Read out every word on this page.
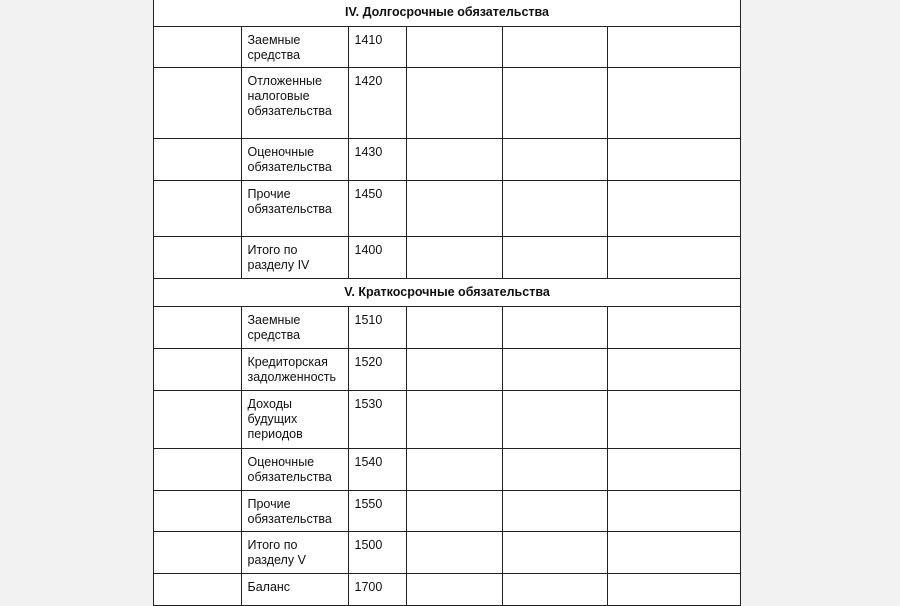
IV. Долгосрочные обязательства					
	Заемные средства	1410			
	Отложенные налоговые обязательства	1420			
	Оценочные обязательства	1430			
	Прочие обязательства	1450			
	Итого по разделу IV	1400			
V. Краткосрочные обязательства					
	Заемные средства	1510			
	Кредиторская задолженность	1520			
	Доходы будущих периодов	1530			
	Оценочные обязательства	1540			
	Прочие обязательства	1550			
	Итого по разделу V	1500			
	Баланс	1700			
